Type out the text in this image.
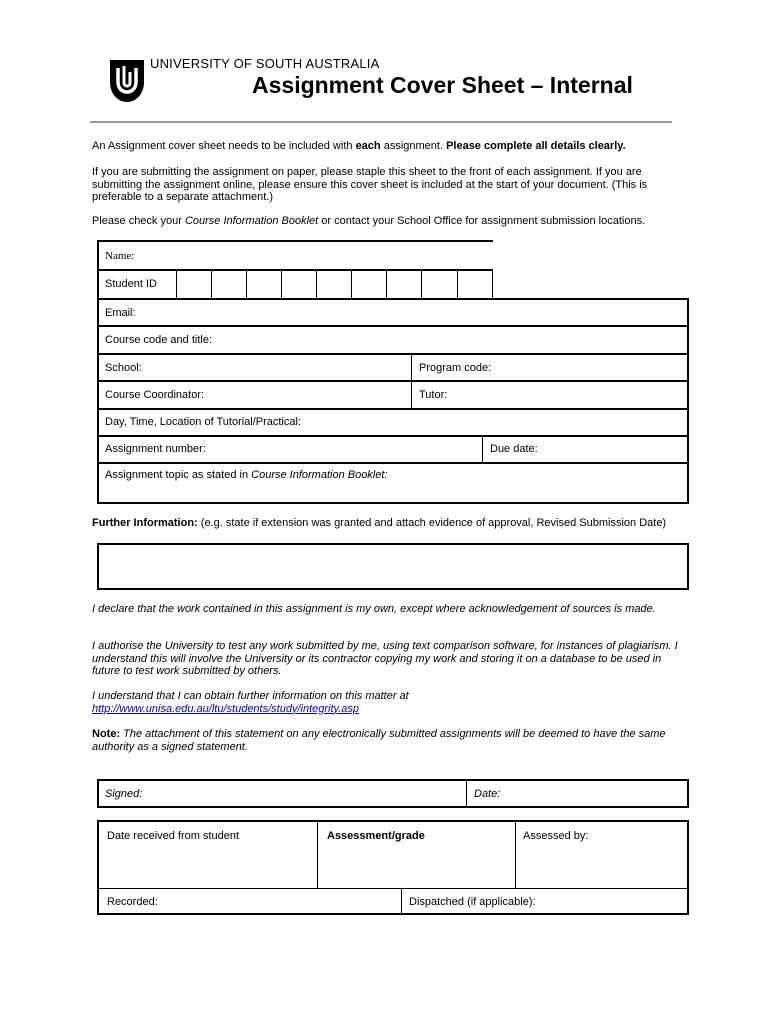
UNIVERSITY OF SOUTH AUSTRALIA
Assignment Cover Sheet – Internal
An Assignment cover sheet needs to be included with each assignment. Please complete all details clearly.
If you are submitting the assignment on paper, please staple this sheet to the front of each assignment. If you are submitting the assignment online, please ensure this cover sheet is included at the start of your document. (This is preferable to a separate attachment.)
Please check your Course Information Booklet or contact your School Office for assignment submission locations.
Name:
Student ID
Email:
Course code and title:
School:	Program code:
Course Coordinator:	Tutor:
Day, Time, Location of Tutorial/Practical:
Assignment number:	Due date:
Assignment topic as stated in Course Information Booklet:
Further Information: (e.g. state if extension was granted and attach evidence of approval, Revised Submission Date)
I declare that the work contained in this assignment is my own, except where acknowledgement of sources is made.
I authorise the University to test any work submitted by me, using text comparison software, for instances of plagiarism. I understand this will involve the University or its contractor copying my work and storing it on a database to be used in future to test work submitted by others.
I understand that I can obtain further information on this matter at
http://www.unisa.edu.au/ltu/students/study/integrity.asp
Note: The attachment of this statement on any electronically submitted assignments will be deemed to have the same authority as a signed statement.
Signed:	Date:
Date received from student	Assessment/grade	Assessed by:
Recorded:	Dispatched (if applicable):
